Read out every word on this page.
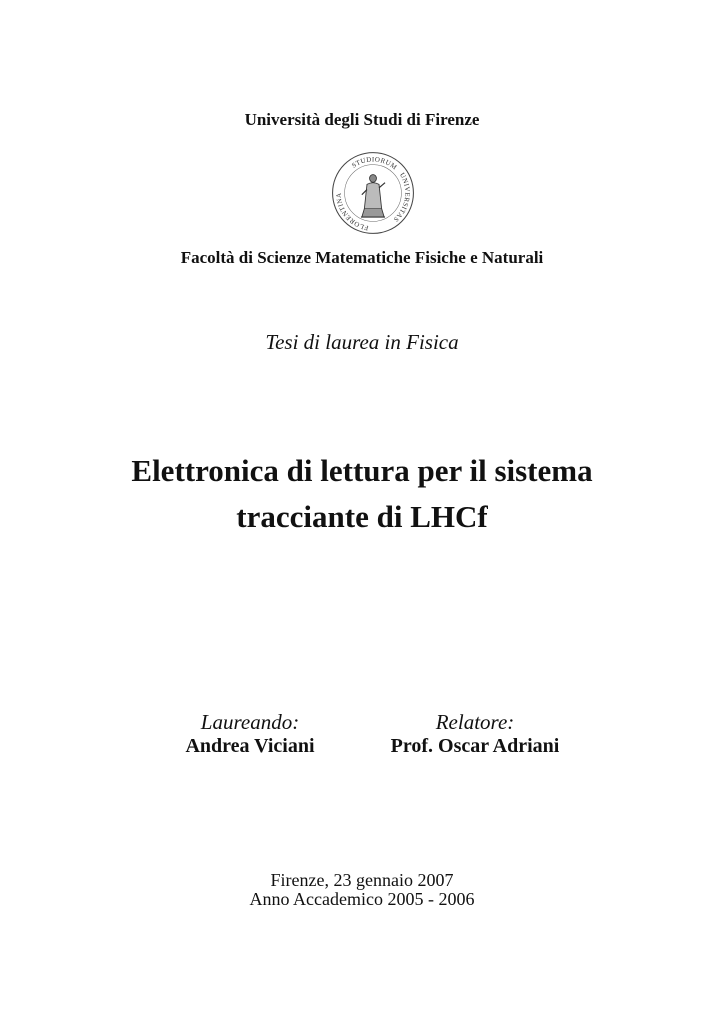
Università degli Studi di Firenze
FLORENTINA
STUDIORUM
UNIVERSITAS
Facoltà di Scienze Matematiche Fisiche e Naturali
Tesi di laurea in Fisica
Elettronica di lettura per il sistema
tracciante di LHCf
Laureando:
Andrea Viciani
Relatore:
Prof. Oscar Adriani
Firenze, 23 gennaio 2007
Anno Accademico 2005 - 2006
